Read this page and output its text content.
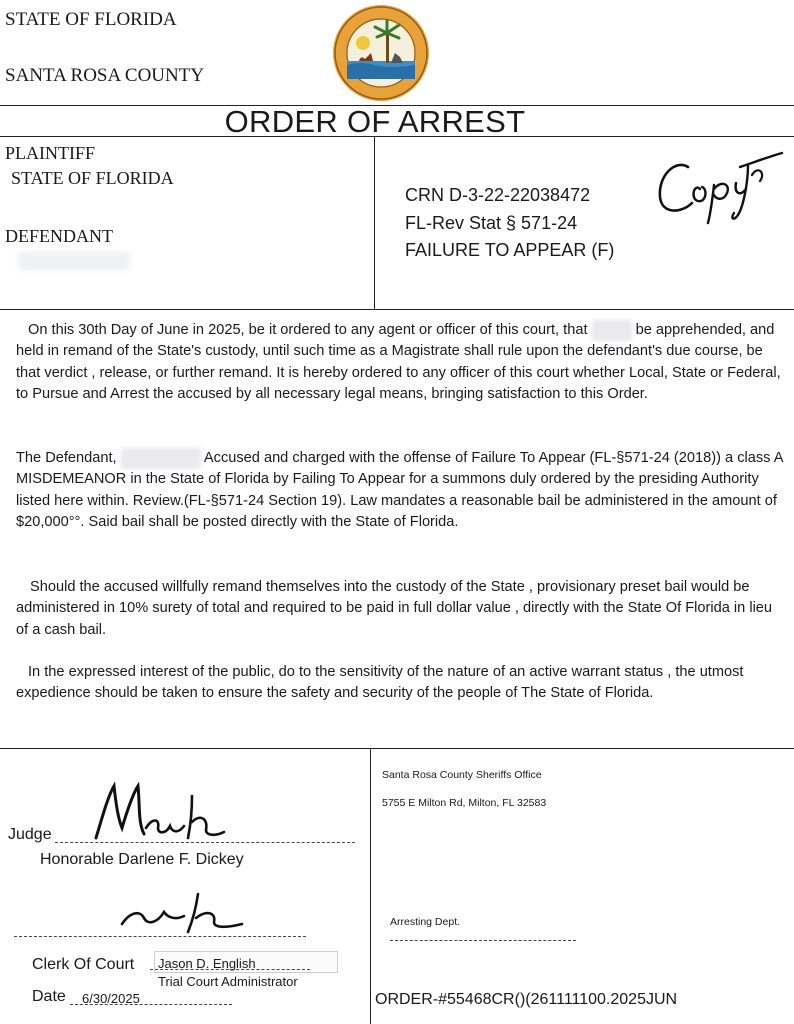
STATE OF FLORIDA
SANTA ROSA COUNTY
ORDER OF ARREST
PLAINTIFF
STATE OF FLORIDA
DEFENDANT
CRN D-3-22-22038472
FL-Rev Stat § 571-24
FAILURE TO APPEAR (F)
On this 30th Day of June in 2025, be it ordered to any agent or officer of this court, that	be apprehended, and held in remand of the State's custody, until such time as a Magistrate shall rule upon the defendant's due course, be that verdict , release, or further remand. It is hereby ordered to any officer of this court whether Local, State or Federal, to Pursue and Arrest the accused by all necessary legal means, bringing satisfaction to this Order.
The Defendant,	Accused and charged with the offense of Failure To Appear (FL-§571-24 (2018)) a class A MISDEMEANOR in the State of Florida by Failing To Appear for a summons duly ordered by the presiding Authority listed here within. Review.(FL-§571-24 Section 19). Law mandates a reasonable bail be administered in the amount of $20,000°°. Said bail shall be posted directly with the State of Florida.
Should the accused willfully remand themselves into the custody of the State , provisionary preset bail would be administered in 10% surety of total and required to be paid in full dollar value , directly with the State Of Florida in lieu of a cash bail.
In the expressed interest of the public, do to the sensitivity of the nature of an active warrant status , the utmost expedience should be taken to ensure the safety and security of the people of The State of Florida.
Santa Rosa County Sheriffs Office
5755 E Milton Rd, Milton, FL 32583
Judge
Honorable Darlene F. Dickey
Arresting Dept.
Clerk Of Court Jason D. English
Trial Court Administrator
Date 6/30/2025	ORDER-#55468CR()(261111100.2025JUN
